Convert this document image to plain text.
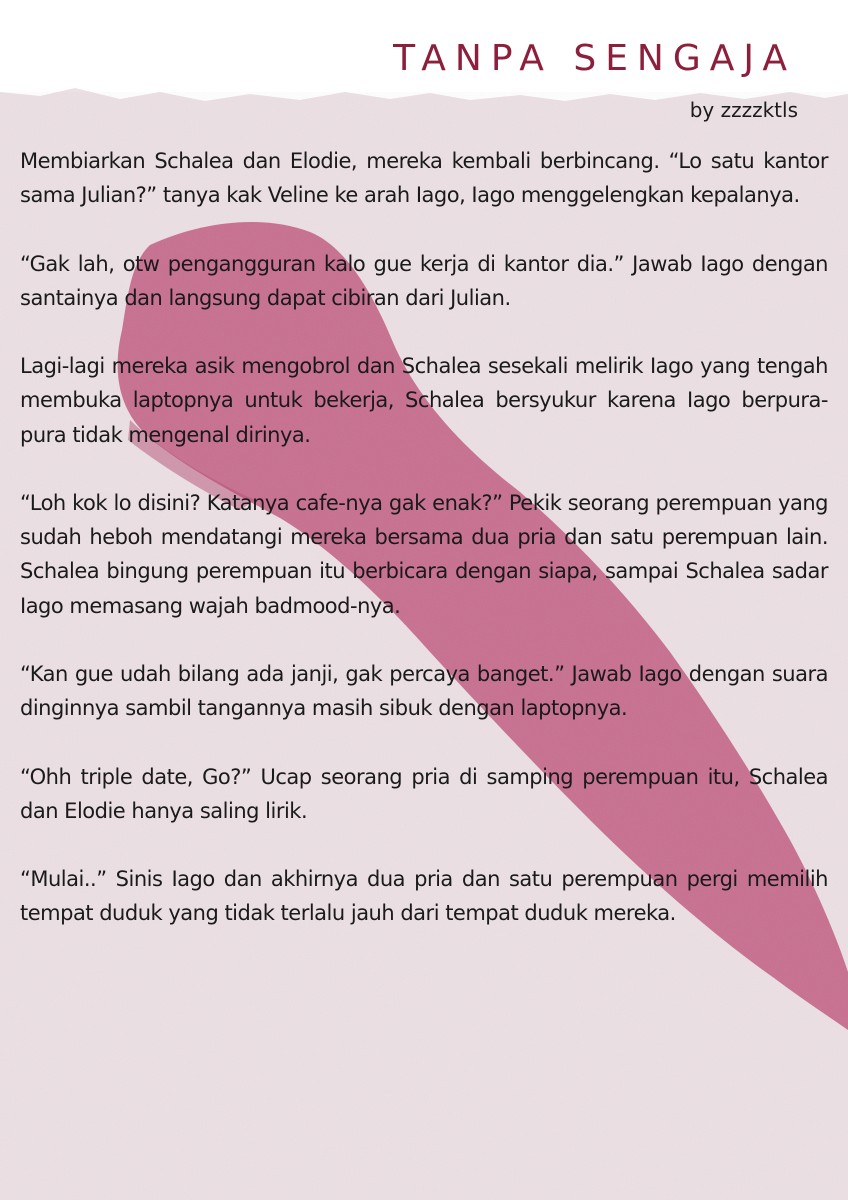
TANPA SENGAJA
by zzzzktls

Membiarkan Schalea dan Elodie, mereka kembali berbincang. “Lo satu kantor sama Julian?” tanya kak Veline ke arah Iago, Iago menggelengkan kepalanya.

“Gak lah, otw pengangguran kalo gue kerja di kantor dia.” Jawab Iago dengan santainya dan langsung dapat cibiran dari Julian.

Lagi-lagi mereka asik mengobrol dan Schalea sesekali melirik Iago yang tengah membuka laptopnya untuk bekerja, Schalea bersyukur karena Iago berpura-pura tidak mengenal dirinya.

“Loh kok lo disini? Katanya cafe-nya gak enak?” Pekik seorang perempuan yang sudah heboh mendatangi mereka bersama dua pria dan satu perempuan lain. Schalea bingung perempuan itu berbicara dengan siapa, sampai Schalea sadar Iago memasang wajah badmood-nya.

“Kan gue udah bilang ada janji, gak percaya banget.” Jawab Iago dengan suara dinginnya sambil tangannya masih sibuk dengan laptopnya.

“Ohh triple date, Go?” Ucap seorang pria di samping perempuan itu, Schalea dan Elodie hanya saling lirik.

“Mulai..” Sinis Iago dan akhirnya dua pria dan satu perempuan pergi memilih tempat duduk yang tidak terlalu jauh dari tempat duduk mereka.
